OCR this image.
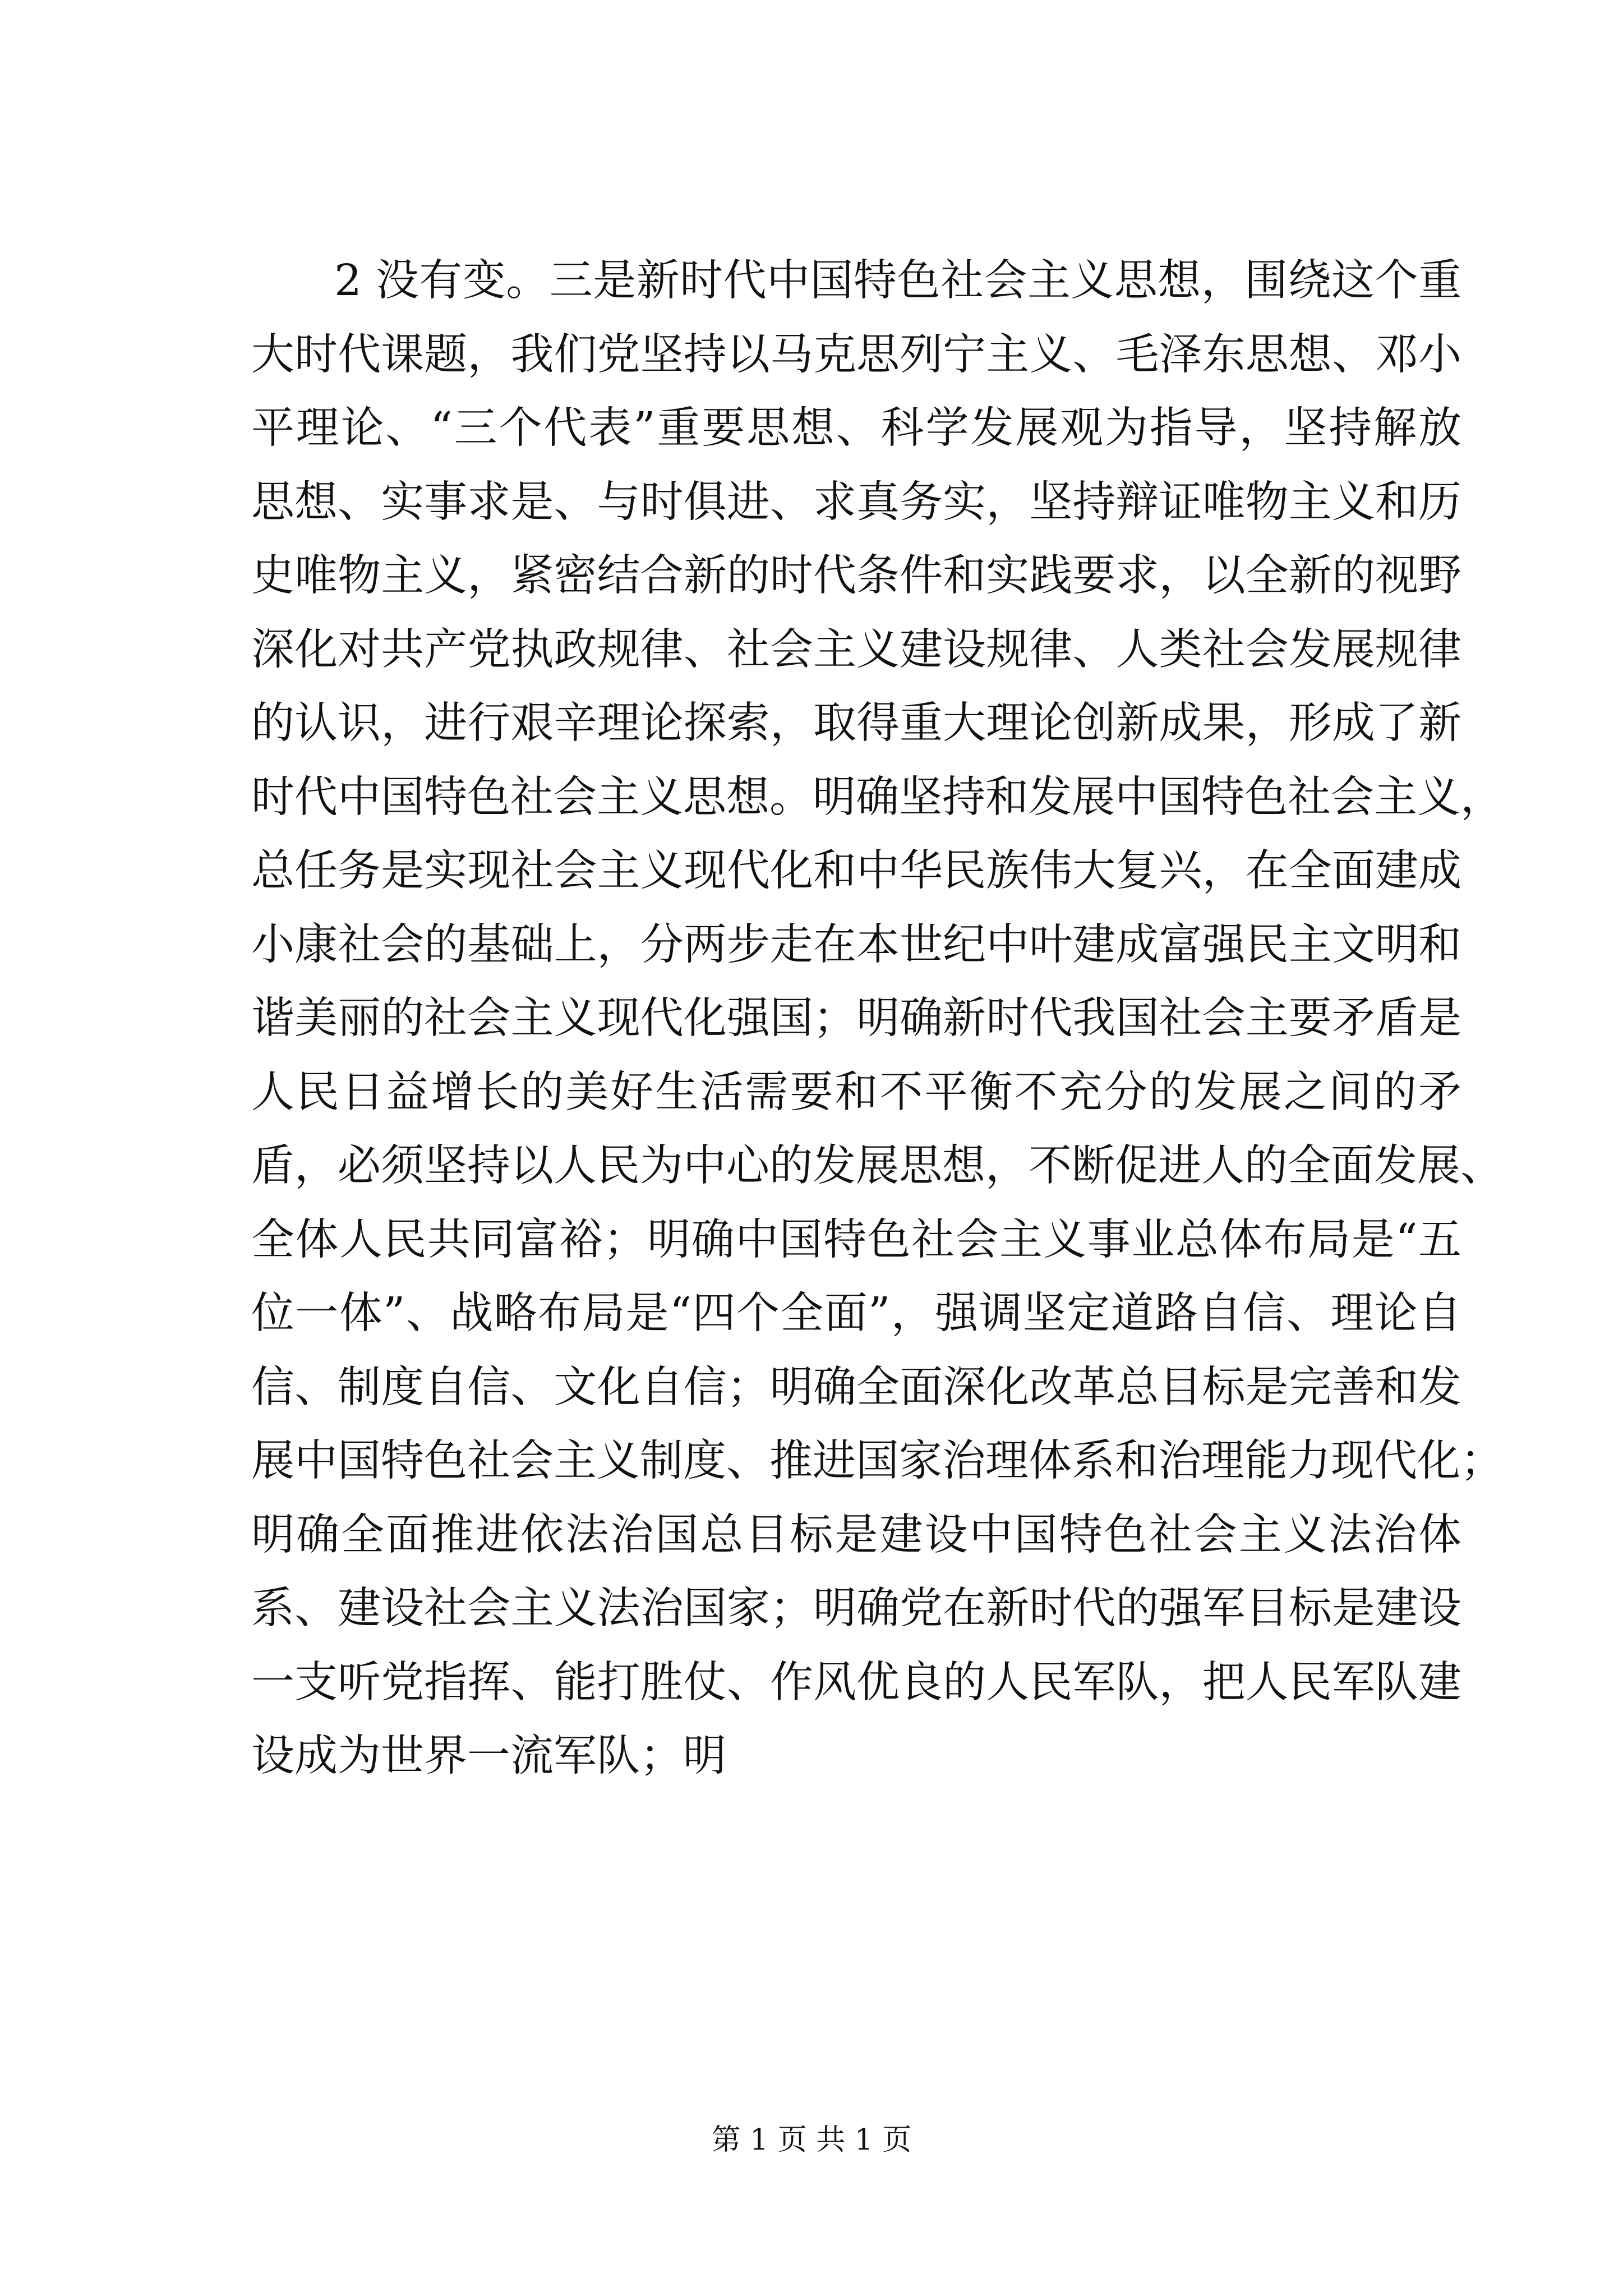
2 没有变。三是新时代中国特色社会主义思想，围绕这个重
大时代课题，我们党坚持以马克思列宁主义、毛泽东思想、邓小
平理论、“三个代表”重要思想、科学发展观为指导，坚持解放
思想、实事求是、与时俱进、求真务实，坚持辩证唯物主义和历
史唯物主义，紧密结合新的时代条件和实践要求，以全新的视野
深化对共产党执政规律、社会主义建设规律、人类社会发展规律
的认识，进行艰辛理论探索，取得重大理论创新成果，形成了新
时代中国特色社会主义思想。明确坚持和发展中国特色社会主义，
总任务是实现社会主义现代化和中华民族伟大复兴，在全面建成
小康社会的基础上，分两步走在本世纪中叶建成富强民主文明和
谐美丽的社会主义现代化强国；明确新时代我国社会主要矛盾是
人民日益增长的美好生活需要和不平衡不充分的发展之间的矛
盾，必须坚持以人民为中心的发展思想，不断促进人的全面发展、
全体人民共同富裕；明确中国特色社会主义事业总体布局是“五
位一体”、战略布局是“四个全面”，强调坚定道路自信、理论自
信、制度自信、文化自信；明确全面深化改革总目标是完善和发
展中国特色社会主义制度、推进国家治理体系和治理能力现代化；
明确全面推进依法治国总目标是建设中国特色社会主义法治体
系、建设社会主义法治国家；明确党在新时代的强军目标是建设
一支听党指挥、能打胜仗、作风优良的人民军队，把人民军队建
设成为世界一流军队；明
第 1 页 共 1 页
